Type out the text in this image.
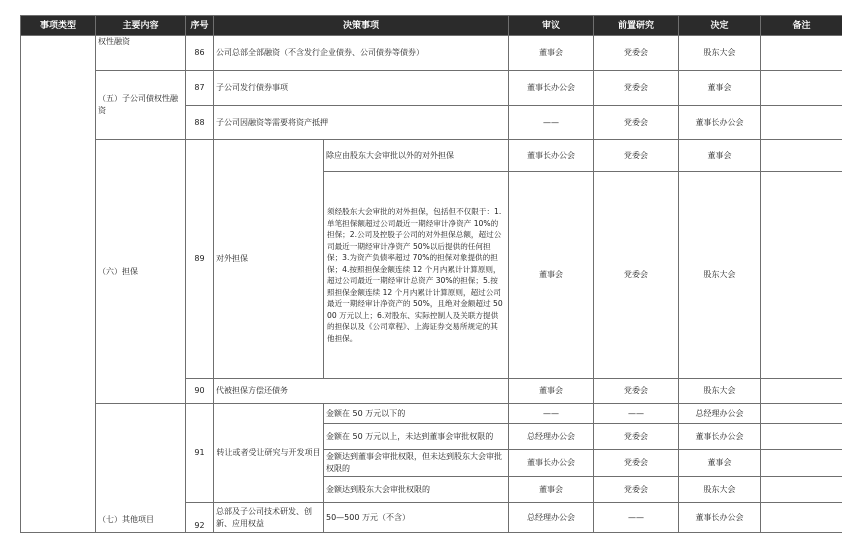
事项类型	主要内容	序号	决策事项		审议	前置研究	决定	备注
	权性融资	86	公司总部全部融资（不含发行企业债券、公司债券等债券）		董事会	党委会	股东大会	
	（五）子公司债权性融资	87	子公司发行债券事项		董事长办公会	党委会	董事会	
		88	子公司因融资等需要将资产抵押		——	党委会	董事长办公会	
	（六）担保	89	对外担保	除应由股东大会审批以外的对外担保	董事长办公会	党委会	董事会	
				须经股东大会审批的对外担保，包括但不仅限于：1.单笔担保额超过公司最近一期经审计净资产 10%的担保；2.公司及控股子公司的对外担保总额，超过公司最近一期经审计净资产 50%以后提供的任何担保；3.为资产负债率超过 70%的担保对象提供的担保；4.按照担保金额连续 12 个月内累计计算原则，超过公司最近一期经审计总资产 30%的担保；5.按照担保金额连续 12 个月内累计计算原则，超过公司最近一期经审计净资产的 50%，且绝对金额超过 5000 万元以上；6.对股东、实际控制人及关联方提供的担保以及《公司章程》、上海证券交易所规定的其他担保。	董事会	党委会	股东大会	
		90	代被担保方偿还债务		董事会	党委会	股东大会	
	（七）其他项目	91	转让或者受让研究与开发项目	金额在 50 万元以下的	——	——	总经理办公会	
				金额在 50 万元以上，未达到董事会审批权限的	总经理办公会	党委会	董事长办公会	
				金额达到董事会审批权限，但未达到股东大会审批权限的	董事长办公会	党委会	董事会	
				金额达到股东大会审批权限的	董事会	党委会	股东大会	
		92	总部及子公司技术研发、创新、应用权益	50—500 万元（不含）	总经理办公会	——	董事长办公会	
